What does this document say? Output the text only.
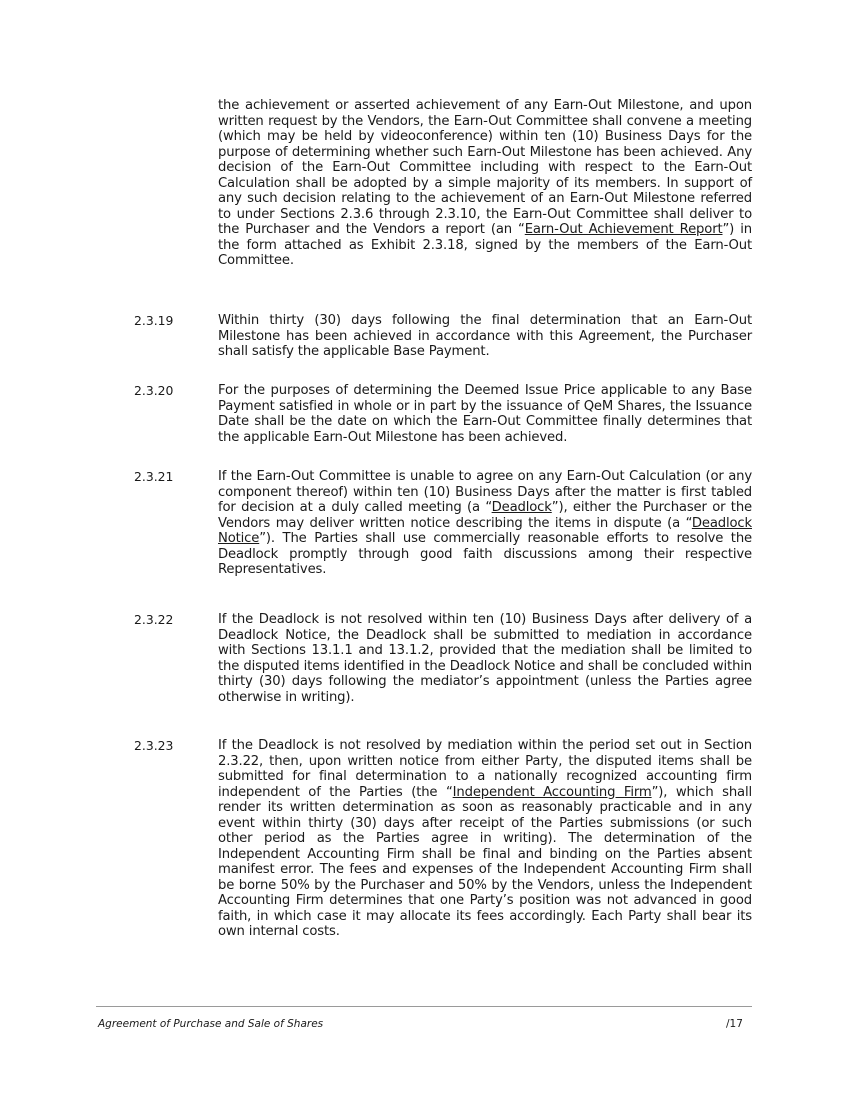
the achievement or asserted achievement of any Earn-Out Milestone, and upon written request by the Vendors, the Earn-Out Committee shall convene a meeting (which may be held by videoconference) within ten (10) Business Days for the purpose of determining whether such Earn-Out Milestone has been achieved. Any decision of the Earn-Out Committee including with respect to the Earn-Out Calculation shall be adopted by a simple majority of its members. In support of any such decision relating to the achievement of an Earn-Out Milestone referred to under Sections 2.3.6 through 2.3.10, the Earn-Out Committee shall deliver to the Purchaser and the Vendors a report (an “Earn-Out Achievement Report”) in the form attached as Exhibit 2.3.18, signed by the members of the Earn-Out Committee.
2.3.19	Within thirty (30) days following the final determination that an Earn-Out Milestone has been achieved in accordance with this Agreement, the Purchaser shall satisfy the applicable Base Payment.
2.3.20	For the purposes of determining the Deemed Issue Price applicable to any Base Payment satisfied in whole or in part by the issuance of QeM Shares, the Issuance Date shall be the date on which the Earn-Out Committee finally determines that the applicable Earn-Out Milestone has been achieved.
2.3.21	If the Earn-Out Committee is unable to agree on any Earn-Out Calculation (or any component thereof) within ten (10) Business Days after the matter is first tabled for decision at a duly called meeting (a “Deadlock”), either the Purchaser or the Vendors may deliver written notice describing the items in dispute (a “Deadlock Notice”). The Parties shall use commercially reasonable efforts to resolve the Deadlock promptly through good faith discussions among their respective Representatives.
2.3.22	If the Deadlock is not resolved within ten (10) Business Days after delivery of a Deadlock Notice, the Deadlock shall be submitted to mediation in accordance with Sections 13.1.1 and 13.1.2, provided that the mediation shall be limited to the disputed items identified in the Deadlock Notice and shall be concluded within thirty (30) days following the mediator’s appointment (unless the Parties agree otherwise in writing).
2.3.23	If the Deadlock is not resolved by mediation within the period set out in Section 2.3.22, then, upon written notice from either Party, the disputed items shall be submitted for final determination to a nationally recognized accounting firm independent of the Parties (the “Independent Accounting Firm”), which shall render its written determination as soon as reasonably practicable and in any event within thirty (30) days after receipt of the Parties submissions (or such other period as the Parties agree in writing). The determination of the Independent Accounting Firm shall be final and binding on the Parties absent manifest error. The fees and expenses of the Independent Accounting Firm shall be borne 50% by the Purchaser and 50% by the Vendors, unless the Independent Accounting Firm determines that one Party’s position was not advanced in good faith, in which case it may allocate its fees accordingly. Each Party shall bear its own internal costs.
Agreement of Purchase and Sale of Shares	/17
